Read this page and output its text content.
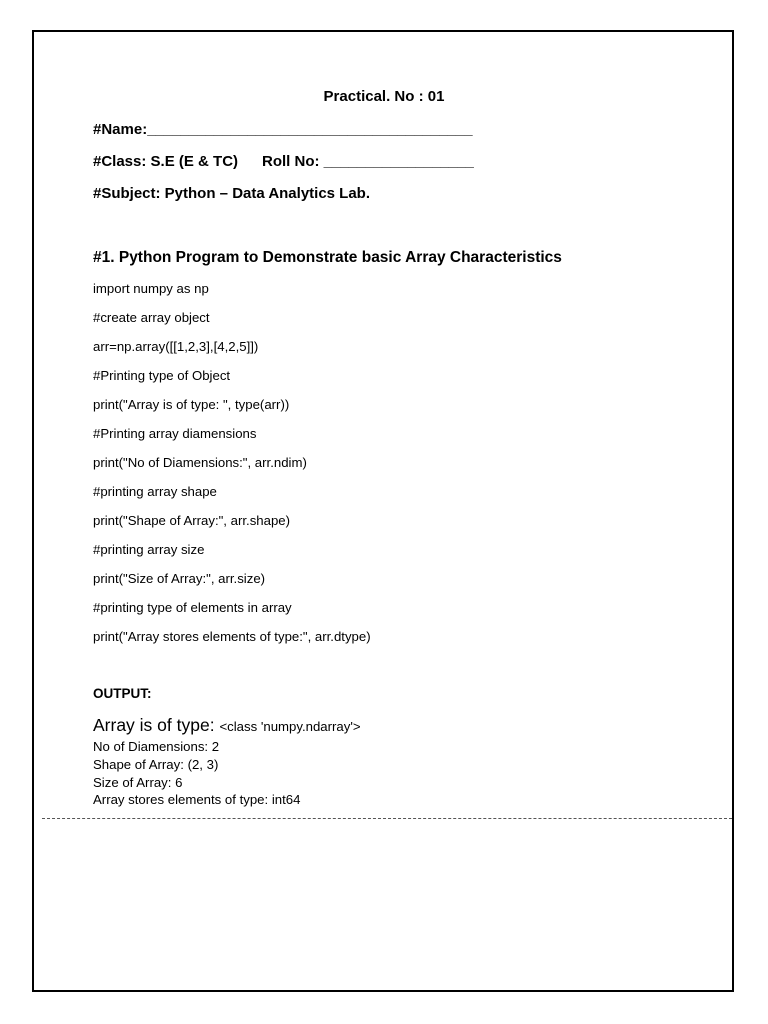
Practical. No : 01
#Name:_______________________________________
#Class: S.E (E & TC) Roll No: __________________
#Subject: Python – Data Analytics Lab.
#1. Python Program to Demonstrate basic Array Characteristics
import numpy as np
#create array object
arr=np.array([[1,2,3],[4,2,5]])
#Printing type of Object
print("Array is of type: ", type(arr))
#Printing array diamensions
print("No of Diamensions:", arr.ndim)
#printing array shape
print("Shape of Array:", arr.shape)
#printing array size
print("Size of Array:", arr.size)
#printing type of elements in array
print("Array stores elements of type:", arr.dtype)
OUTPUT:
Array is of type: <class 'numpy.ndarray'>
No of Diamensions: 2
Shape of Array: (2, 3)
Size of Array: 6
Array stores elements of type: int64
